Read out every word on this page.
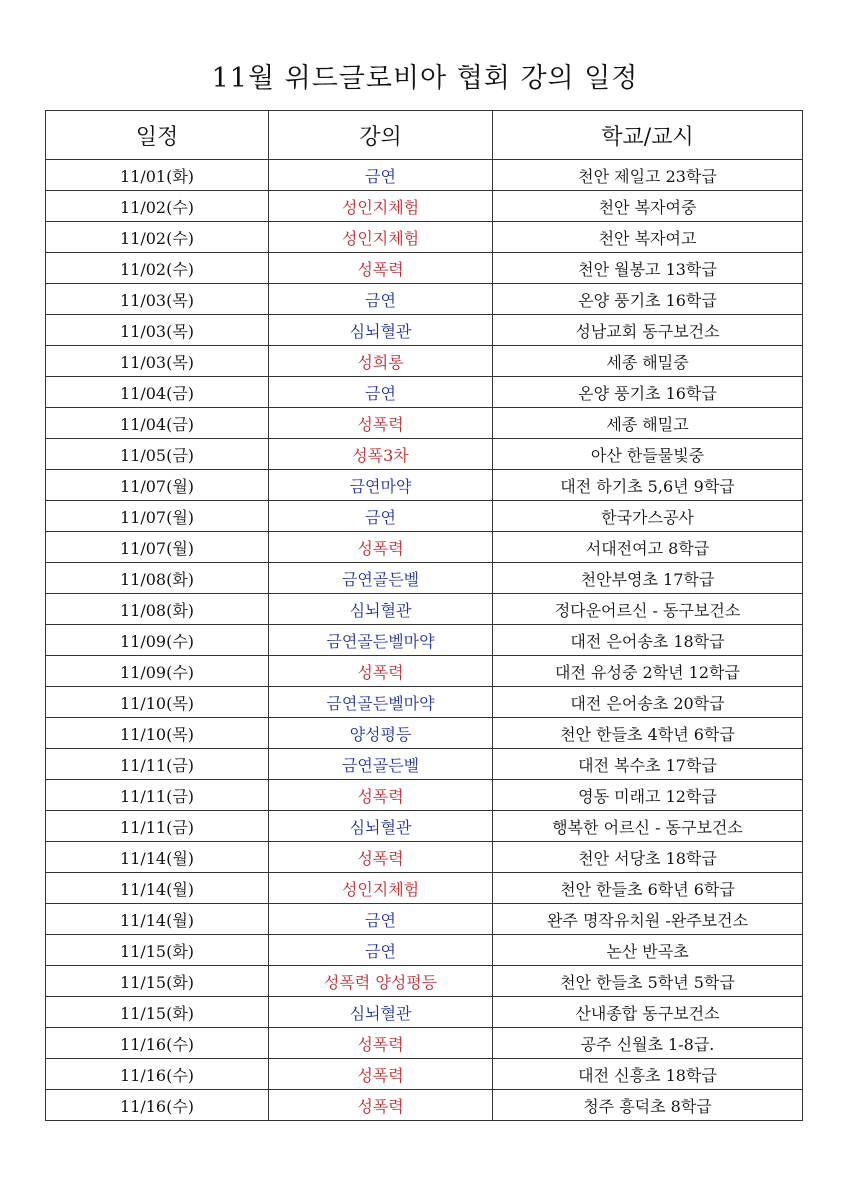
11월 위드글로비아 협회 강의 일정
일정	강의	학교/교시
11/01(화)	금연	천안 제일고 23학급
11/02(수)	성인지체험	천안 복자여중
11/02(수)	성인지체험	천안 복자여고
11/02(수)	성폭력	천안 월봉고 13학급
11/03(목)	금연	온양 풍기초 16학급
11/03(목)	심뇌혈관	성남교회 동구보건소
11/03(목)	성희롱	세종 해밀중
11/04(금)	금연	온양 풍기초 16학급
11/04(금)	성폭력	세종 해밀고
11/05(금)	성폭3차	아산 한들물빛중
11/07(월)	금연마약	대전 하기초 5,6년 9학급
11/07(월)	금연	한국가스공사
11/07(월)	성폭력	서대전여고 8학급
11/08(화)	금연골든벨	천안부영초 17학급
11/08(화)	심뇌혈관	정다운어르신 - 동구보건소
11/09(수)	금연골든벨마약	대전 은어송초 18학급
11/09(수)	성폭력	대전 유성중 2학년 12학급
11/10(목)	금연골든벨마약	대전 은어송초 20학급
11/10(목)	양성평등	천안 한들초 4학년 6학급
11/11(금)	금연골든벨	대전 복수초 17학급
11/11(금)	성폭력	영동 미래고 12학급
11/11(금)	심뇌혈관	행복한 어르신 - 동구보건소
11/14(월)	성폭력	천안 서당초 18학급
11/14(월)	성인지체험	천안 한들초 6학년 6학급
11/14(월)	금연	완주 명작유치원 -완주보건소
11/15(화)	금연	논산 반곡초
11/15(화)	성폭력 양성평등	천안 한들초 5학년 5학급
11/15(화)	심뇌혈관	산내종합 동구보건소
11/16(수)	성폭력	공주 신월초 1-8급.
11/16(수)	성폭력	대전 신흥초 18학급
11/16(수)	성폭력	청주 흥덕초 8학급
